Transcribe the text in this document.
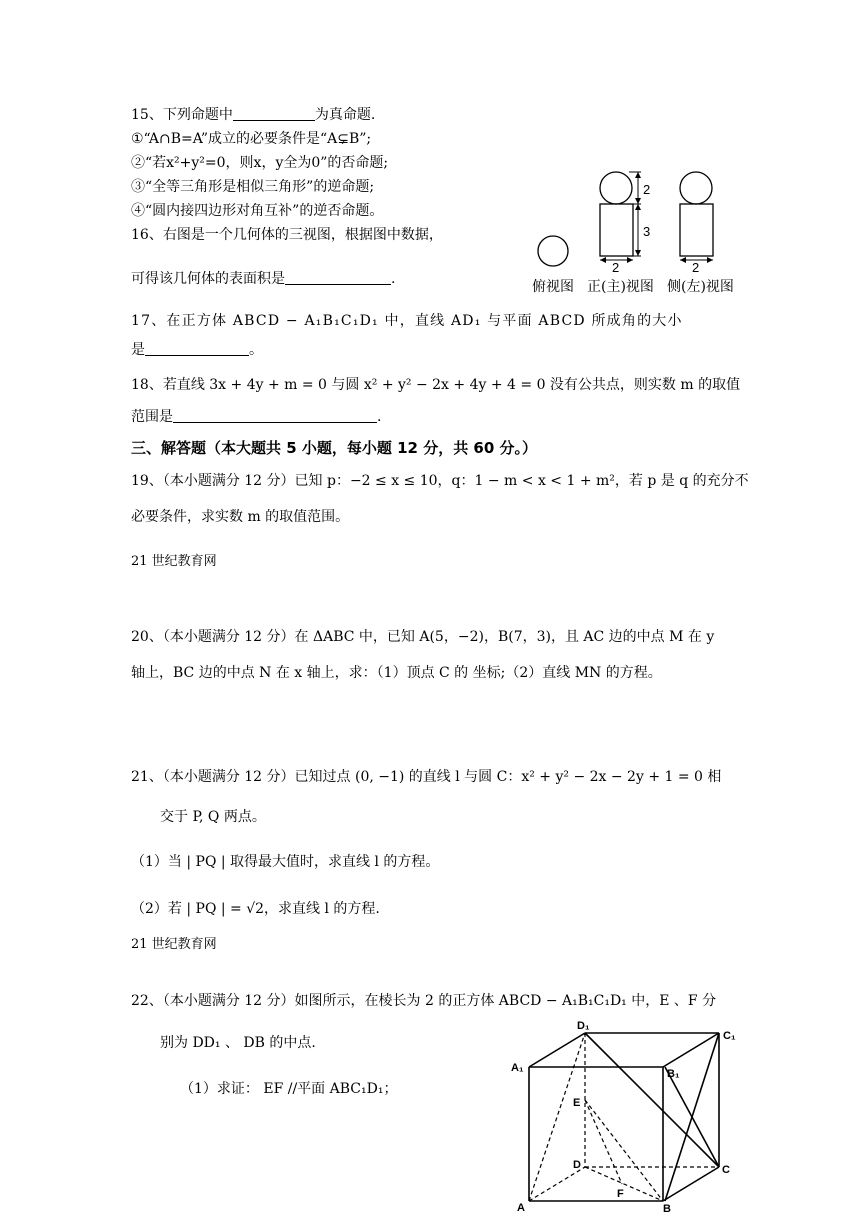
15、下列命题中	为真命题.
①“A∩B=A”成立的必要条件是“A⊊B”;
②“若x²+y²=0，则x，y全为0”的否命题;
③“全等三角形是相似三角形”的逆命题;
④“圆内接四边形对角互补”的逆否命题。
16、右图是一个几何体的三视图，根据图中数据，
可得该几何体的表面积是	.
2
3
2	2
俯视图 正(主)视图 侧(左)视图
17、在正方体 ABCD − A₁B₁C₁D₁ 中，直线 AD₁ 与平面 ABCD 所成角的大小
是	。
18、若直线 3x + 4y + m = 0 与圆 x² + y² − 2x + 4y + 4 = 0 没有公共点，则实数 m 的取值
范围是	.
三、解答题（本大题共 5 小题，每小题 12 分，共 60 分。）
19、（本小题满分 12 分）已知 p：−2 ≤ x ≤ 10，q：1 − m < x < 1 + m²，若 p 是 q 的充分不
必要条件，求实数 m 的取值范围。
21 世纪教育网
20、（本小题满分 12 分）在 ΔABC 中，已知 A(5，−2)，B(7，3)，且 AC 边的中点 M 在 y
轴上，BC 边的中点 N 在 x 轴上，求：（1）顶点 C 的 坐标;（2）直线 MN 的方程。
21、（本小题满分 12 分）已知过点 (0, −1) 的直线 l 与圆 C：x² + y² − 2x − 2y + 1 = 0 相
交于 P, Q 两点。
（1）当 | PQ | 取得最大值时，求直线 l 的方程。
（2）若 | PQ | = √2，求直线 l 的方程.
21 世纪教育网
22、（本小题满分 12 分）如图所示，在棱长为 2 的正方体 ABCD − A₁B₁C₁D₁ 中，E 、F 分
别为 DD₁ 、 DB 的中点.
（1）求证： EF //平面 ABC₁D₁；
D₁
C₁
A₁	B₁
E
D	C
F
A	B
